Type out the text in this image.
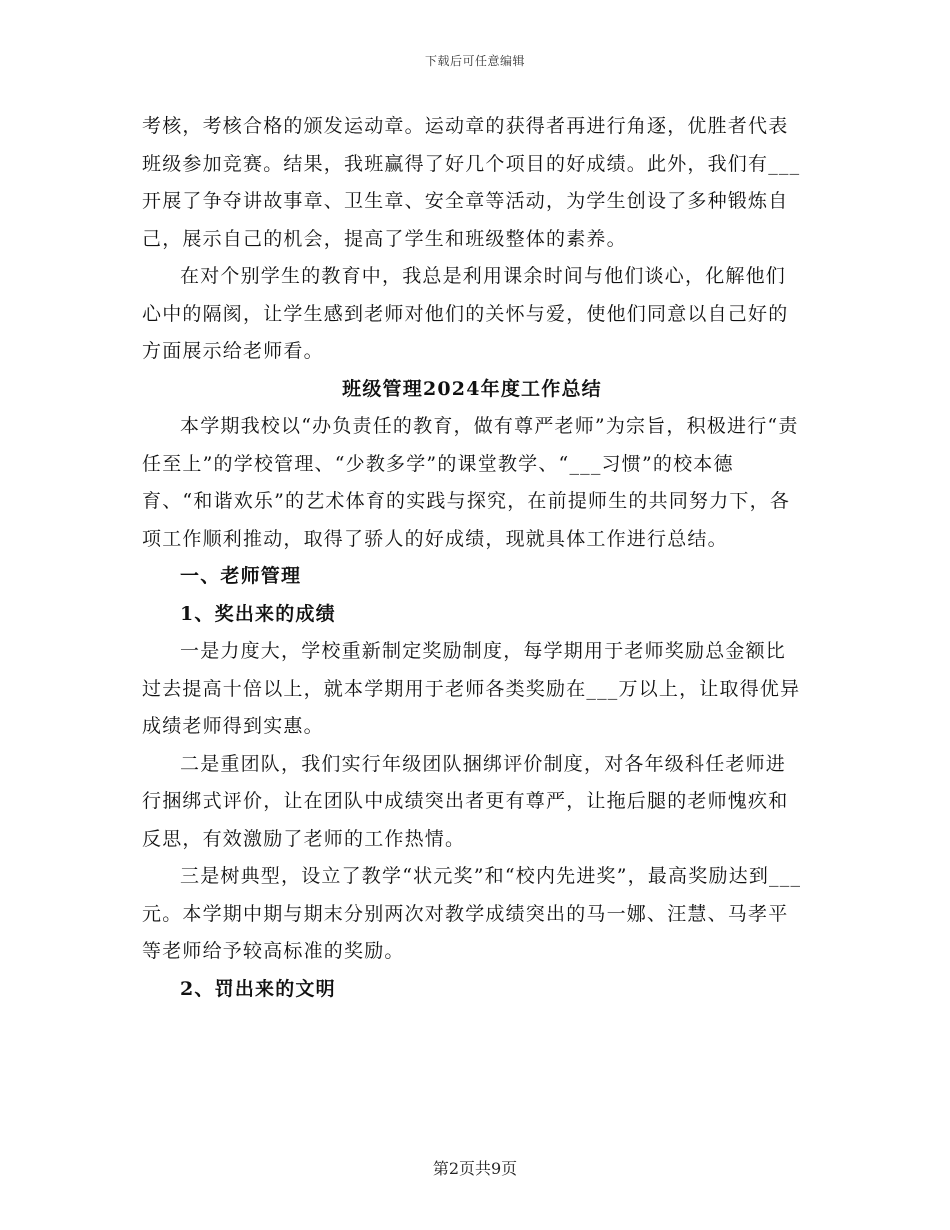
下载后可任意编辑

考核，考核合格的颁发运动章。运动章的获得者再进行角逐，优胜者代表班级参加竞赛。结果，我班赢得了好几个项目的好成绩。此外，我们有___开展了争夺讲故事章、卫生章、安全章等活动，为学生创设了多种锻炼自己，展示自己的机会，提高了学生和班级整体的素养。

在对个别学生的教育中，我总是利用课余时间与他们谈心，化解他们心中的隔阂，让学生感到老师对他们的关怀与爱，使他们同意以自己好的方面展示给老师看。

班级管理2024年度工作总结

本学期我校以“办负责任的教育，做有尊严老师”为宗旨，积极进行“责任至上”的学校管理、“少教多学”的课堂教学、“___习惯”的校本德育、“和谐欢乐”的艺术体育的实践与探究，在前提师生的共同努力下，各项工作顺利推动，取得了骄人的好成绩，现就具体工作进行总结。

一、老师管理

1、奖出来的成绩

一是力度大，学校重新制定奖励制度，每学期用于老师奖励总金额比过去提高十倍以上，就本学期用于老师各类奖励在___万以上，让取得优异成绩老师得到实惠。

二是重团队，我们实行年级团队捆绑评价制度，对各年级科任老师进行捆绑式评价，让在团队中成绩突出者更有尊严，让拖后腿的老师愧疚和反思，有效激励了老师的工作热情。

三是树典型，设立了教学“状元奖”和“校内先进奖”，最高奖励达到___元。本学期中期与期末分别两次对教学成绩突出的马一娜、汪慧、马孝平等老师给予较高标准的奖励。

2、罚出来的文明

第2页共9页
